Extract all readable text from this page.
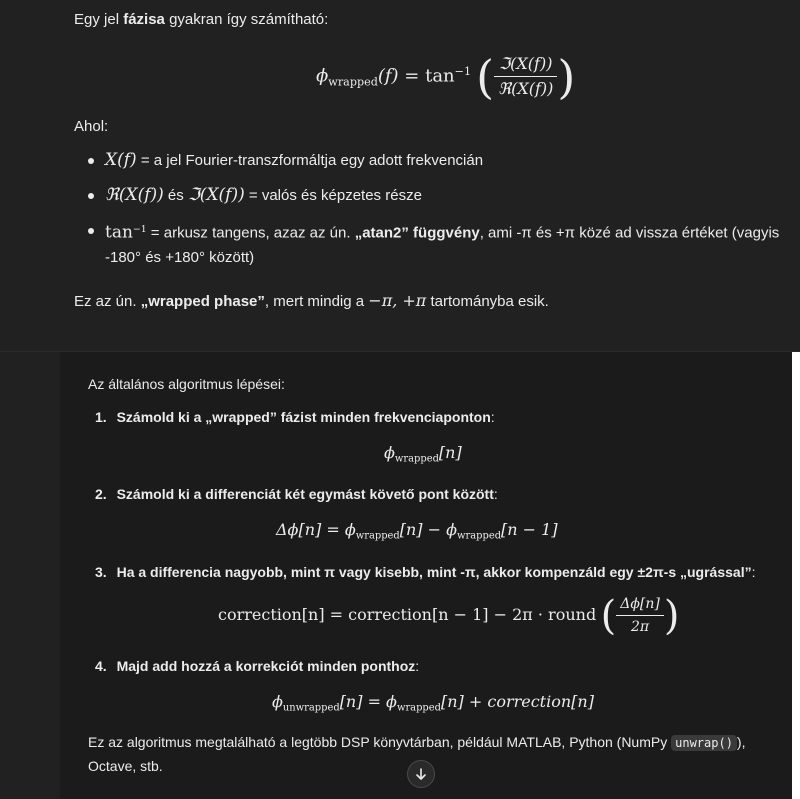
Egy jel fázisa gyakran így számítható:
$\phi_{wrapped}(f) = \tan^{-1}$ ( $\frac{\text{ℑ(X(f))}}{\text{ℜ(X(f))}}$ )
Ahol:
X(f) = a jel Fourier-transzformáltja egy adott frekvencián
ℜ(X(f)) és ℑ(X(f)) = valós és képzetes része
$\tan^{-1}$ = arkusz tangens, azaz az ún. „atan2” függvény, ami -π és +π közé ad vissza értéket (vagyis
-180° és +180° között)
Ez az ún. „wrapped phase”, mert mindig a −π, +π tartományba esik.
Az általános algoritmus lépései:
1. Számold ki a „wrapped” fázist minden frekvenciaponton:
$\phi_{wrapped}[n]$
2. Számold ki a differenciát két egymást követő pont között:
$\Delta\phi[n] = \phi_{wrapped}[n] - \phi_{wrapped}[n - 1]$
3. Ha a differencia nagyobb, mint π vagy kisebb, mint -π, akkor kompenzáld egy ±2π-s „ugrással”:
correction[n] = correction[n − 1] − 2π · round ( $\frac{\Delta\phi[n]}{2\pi}$ )
4. Majd add hozzá a korrekciót minden ponthoz:
$\phi_{unwrapped}[n] = \phi_{wrapped}[n]$ + correction[n]
Ez az algoritmus megtalálható a legtöbb DSP könyvtárban, például MATLAB, Python (NumPy unwrap() ),
Octave, stb.
